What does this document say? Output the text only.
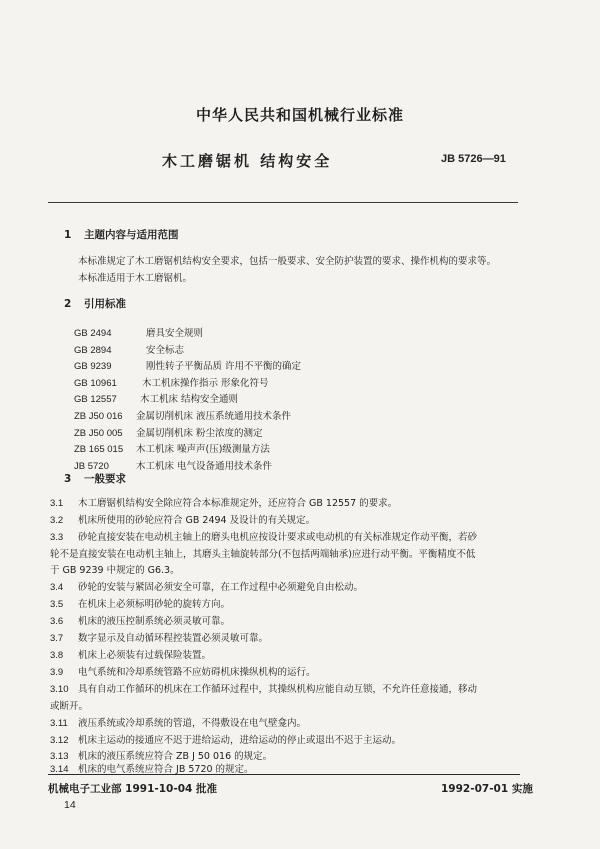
中华人民共和国机械行业标准
木工磨锯机 结构安全	JB 5726—91
1 主题内容与适用范围
本标准规定了木工磨锯机结构安全要求，包括一般要求、安全防护装置的要求、操作机构的要求等。
本标准适用于木工磨锯机。
2 引用标准
GB 2494	磨具安全规则
GB 2894	安全标志
GB 9239	刚性转子平衡品质 许用不平衡的确定
GB 10961	木工机床操作指示 形象化符号
GB 12557 木工机床 结构安全通则
ZB J50 016 金属切削机床 液压系统通用技术条件
ZB J50 005 金属切削机床 粉尘浓度的测定
ZB 165 015 木工机床 噪声声(压)级测量方法
JB 5720	木工机床 电气设备通用技术条件
3 一般要求
3.1 木工磨锯机结构安全除应符合本标准规定外，还应符合 GB 12557 的要求。
3.2 机床所使用的砂轮应符合 GB 2494 及设计的有关规定。
3.3 砂轮直接安装在电动机主轴上的磨头电机应按设计要求或电动机的有关标准规定作动平衡，若砂
轮不是直接安装在电动机主轴上，其磨头主轴旋转部分(不包括两端轴承)应进行动平衡。平衡精度不低
于 GB 9239 中规定的 G6.3。
3.4 砂轮的安装与紧固必须安全可靠，在工作过程中必须避免自由松动。
3.5 在机床上必须标明砂轮的旋转方向。
3.6 机床的液压控制系统必须灵敏可靠。
3.7 数字显示及自动循环程控装置必须灵敏可靠。
3.8 机床上必须装有过载保险装置。
3.9 电气系统和冷却系统管路不应妨碍机床操纵机构的运行。
3.10 具有自动工作循环的机床在工作循环过程中，其操纵机构应能自动互锁，不允许任意接通，移动
或断开。
3.11 液压系统或冷却系统的管道，不得敷设在电气壁龛内。
3.12 机床主运动的接通应不迟于进给运动，进给运动的停止或退出不迟于主运动。
3.13 机床的液压系统应符合 ZB J 50 016 的规定。
机械电子工业部 1991-10-04 批准	1992-07-01 实施
14
3.14 机床的电气系统应符合 JB 5720 的规定。
